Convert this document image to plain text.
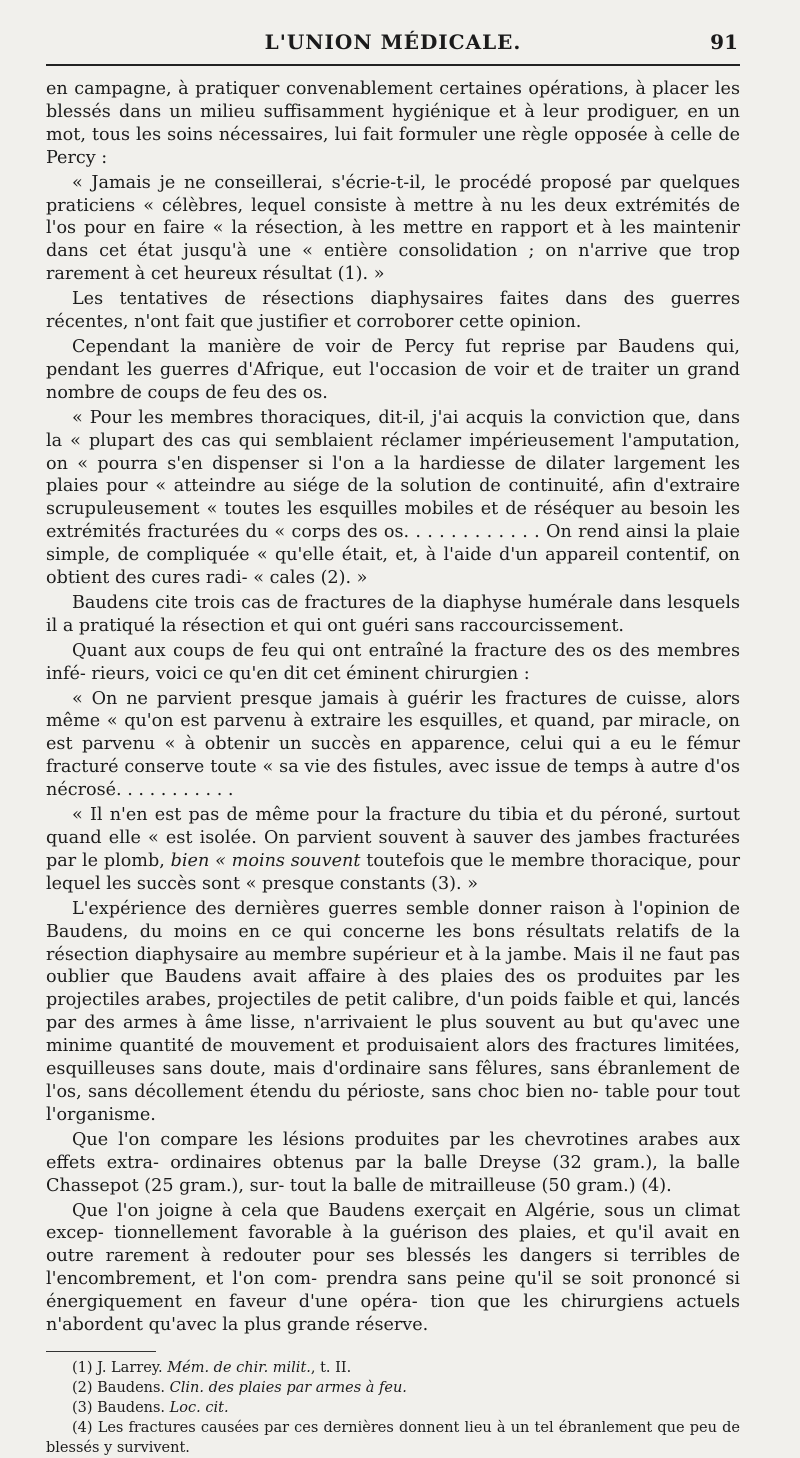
L'UNION MÉDICALE.	91

en campagne, à pratiquer convenablement certaines opérations, à placer les blessés dans un milieu suffisamment hygiénique et à leur prodiguer, en un mot, tous les soins nécessaires, lui fait formuler une règle opposée à celle de Percy :

« Jamais je ne conseillerai, s'écrie-t-il, le procédé proposé par quelques praticiens « célèbres, lequel consiste à mettre à nu les deux extrémités de l'os pour en faire « la résection, à les mettre en rapport et à les maintenir dans cet état jusqu'à une « entière consolidation ; on n'arrive que trop rarement à cet heureux résultat (1). »

Les tentatives de résections diaphysaires faites dans des guerres récentes, n'ont fait que justifier et corroborer cette opinion.

Cependant la manière de voir de Percy fut reprise par Baudens qui, pendant les guerres d'Afrique, eut l'occasion de voir et de traiter un grand nombre de coups de feu des os.

« Pour les membres thoraciques, dit-il, j'ai acquis la conviction que, dans la « plupart des cas qui semblaient réclamer impérieusement l'amputation, on « pourra s'en dispenser si l'on a la hardiesse de dilater largement les plaies pour « atteindre au siége de la solution de continuité, afin d'extraire scrupuleusement « toutes les esquilles mobiles et de réséquer au besoin les extrémités fracturées du « corps des os. . . . . . . . . . . . On rend ainsi la plaie simple, de compliquée « qu'elle était, et, à l'aide d'un appareil contentif, on obtient des cures radi- « cales (2). »

Baudens cite trois cas de fractures de la diaphyse humérale dans lesquels il a pratiqué la résection et qui ont guéri sans raccourcissement.

Quant aux coups de feu qui ont entraîné la fracture des os des membres infé- rieurs, voici ce qu'en dit cet éminent chirurgien :

« On ne parvient presque jamais à guérir les fractures de cuisse, alors même « qu'on est parvenu à extraire les esquilles, et quand, par miracle, on est parvenu « à obtenir un succès en apparence, celui qui a eu le fémur fracturé conserve toute « sa vie des fistules, avec issue de temps à autre d'os nécrosé. . . . . . . . . . .

« Il n'en est pas de même pour la fracture du tibia et du péroné, surtout quand elle « est isolée. On parvient souvent à sauver des jambes fracturées par le plomb, bien « moins souvent toutefois que le membre thoracique, pour lequel les succès sont « presque constants (3). »

L'expérience des dernières guerres semble donner raison à l'opinion de Baudens, du moins en ce qui concerne les bons résultats relatifs de la résection diaphysaire au membre supérieur et à la jambe. Mais il ne faut pas oublier que Baudens avait affaire à des plaies des os produites par les projectiles arabes, projectiles de petit calibre, d'un poids faible et qui, lancés par des armes à âme lisse, n'arrivaient le plus souvent au but qu'avec une minime quantité de mouvement et produisaient alors des fractures limitées, esquilleuses sans doute, mais d'ordinaire sans fêlures, sans ébranlement de l'os, sans décollement étendu du périoste, sans choc bien no- table pour tout l'organisme.

Que l'on compare les lésions produites par les chevrotines arabes aux effets extra- ordinaires obtenus par la balle Dreyse (32 gram.), la balle Chassepot (25 gram.), sur- tout la balle de mitrailleuse (50 gram.) (4).

Que l'on joigne à cela que Baudens exerçait en Algérie, sous un climat excep- tionnellement favorable à la guérison des plaies, et qu'il avait en outre rarement à redouter pour ses blessés les dangers si terribles de l'encombrement, et l'on com- prendra sans peine qu'il se soit prononcé si énergiquement en faveur d'une opéra- tion que les chirurgiens actuels n'abordent qu'avec la plus grande réserve.

(1) J. Larrey. Mém. de chir. milit., t. II.

(2) Baudens. Clin. des plaies par armes à feu.

(3) Baudens. Loc. cit.

(4) Les fractures causées par ces dernières donnent lieu à un tel ébranlement que peu de blessés y survivent.
